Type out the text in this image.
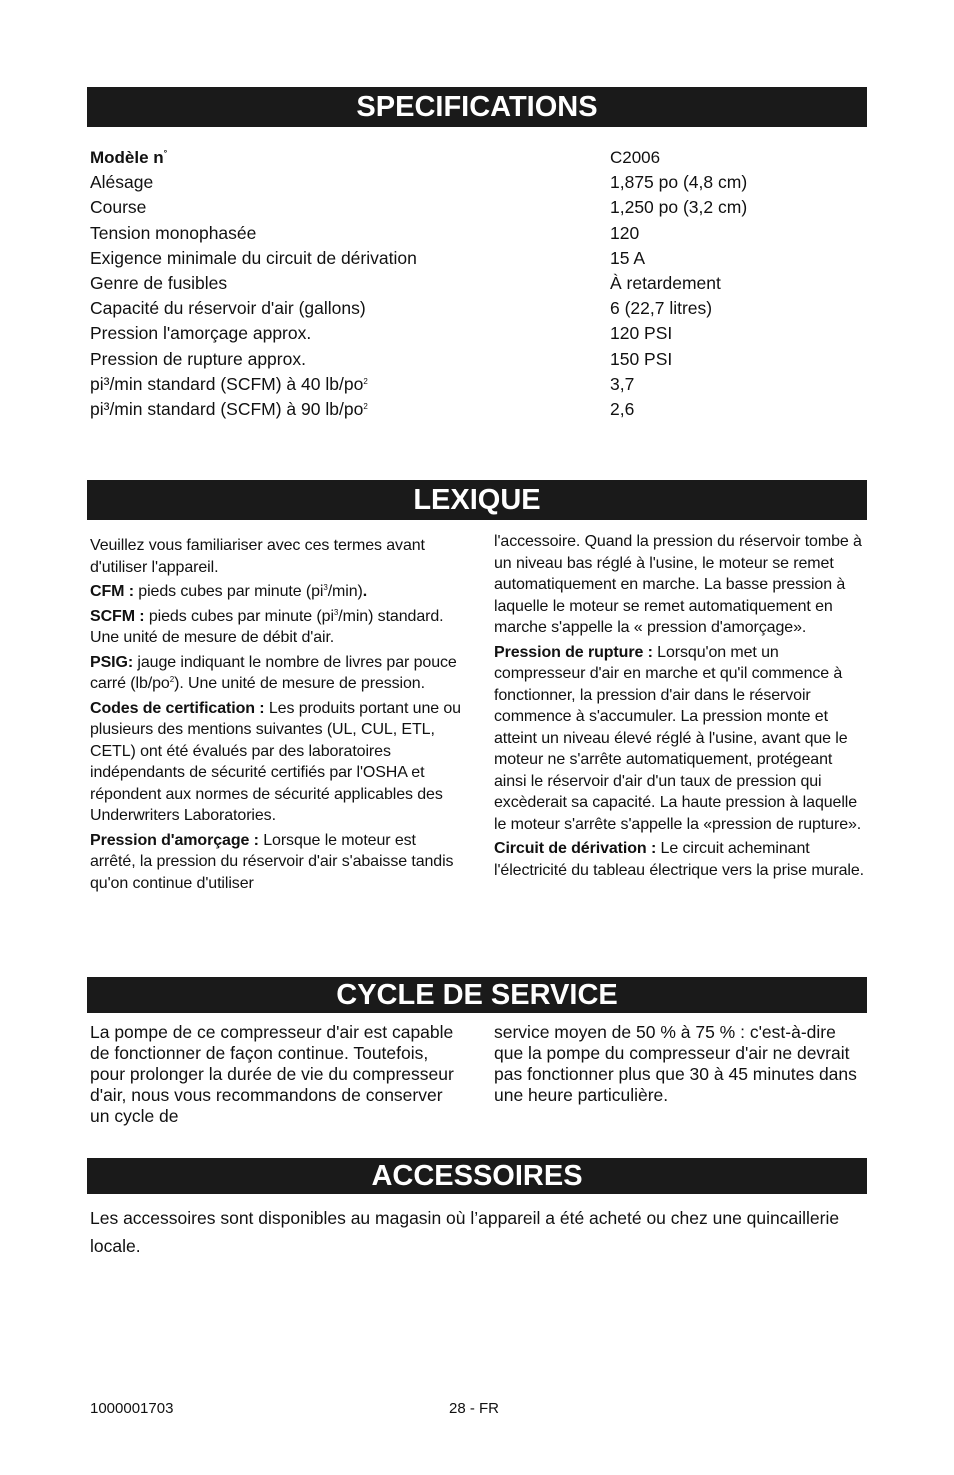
SPECIFICATIONS
Modèle n°	C2006
Alésage	1,875 po (4,8 cm)
Course	1,250 po (3,2 cm)
Tension monophasée	120
Exigence minimale du circuit de dérivation	15 A
Genre de fusibles	À retardement
Capacité du réservoir d'air (gallons)	6 (22,7 litres)
Pression l'amorçage approx.	120 PSI
Pression de rupture approx.	150 PSI
pi³/min standard (SCFM) à 40 $lb/po^2$	3,7
pi³/min standard (SCFM) à 90 $lb/po^2$	2,6
LEXIQUE

Veuillez vous familiariser avec ces termes avant d'utiliser l'appareil.

CFM : pieds cubes par minute $(pi^3/\min)$.

SCFM : pieds cubes par minute $(pi^3/\min)$ standard. Une unité de mesure de débit d'air.

PSIG: jauge indiquant le nombre de livres par pouce carré $(lb/po^2)$. Une unité de mesure de pression.

Codes de certification : Les produits portant une ou plusieurs des mentions suivantes (UL, CUL, ETL, CETL) ont été évalués par des laboratoires indépendants de sécurité certifiés par l'OSHA et répondent aux normes de sécurité applicables des Underwriters Laboratories.

Pression d'amorçage : Lorsque le moteur est arrêté, la pression du réservoir d'air s'abaisse tandis qu'on continue d'utiliser

l'accessoire. Quand la pression du réservoir tombe à un niveau bas réglé à l'usine, le moteur se remet automatiquement en marche. La basse pression à laquelle le moteur se remet automatiquement en marche s'appelle la « pression d'amorçage».

Pression de rupture : Lorsqu'on met un compresseur d'air en marche et qu'il commence à fonctionner, la pression d'air dans le réservoir commence à s'accumuler. La pression monte et atteint un niveau élevé réglé à l'usine, avant que le moteur ne s'arrête automatiquement, protégeant ainsi le réservoir d'air d'un taux de pression qui excèderait sa capacité. La haute pression à laquelle le moteur s'arrête s'appelle la «pression de rupture».

Circuit de dérivation : Le circuit acheminant l'électricité du tableau électrique vers la prise murale.

CYCLE DE SERVICE
La pompe de ce compresseur d'air est capable de fonctionner de façon continue. Toutefois, pour prolonger la durée de vie du compresseur d'air, nous vous recommandons de conserver un cycle de
service moyen de 50 % à 75 % : c'est-à-dire que la pompe du compresseur d'air ne devrait pas fonctionner plus que 30 à 45 minutes dans une heure particulière.
ACCESSOIRES
Les accessoires sont disponibles au magasin où l’appareil a été acheté ou chez une quincaillerie locale.
1000001703	28 - FR
